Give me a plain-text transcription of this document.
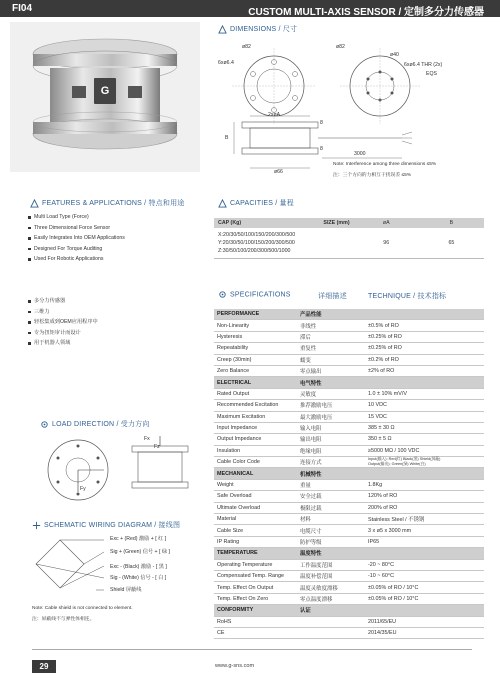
FI04	CUSTOM MULTI-AXIS SENSOR / 定制多分力传感器
G
DIMENSIONS / 尺寸
ø82
6xø6.4
ø82
ø40
6xø6.4 THR (2x)
EQS
2xøA
B
8
8
3000
ø66
Note: Interference among three dimensions ≤5%
注：三个方向的力相互干扰误差 ≤5%
FEATURES & APPLICATIONS / 特点和用途
Multi Load Type (Force)
Three Dimensional Force Sensor
Easily Integrates Into OEM Applications
Designed For Torque Auditing
Used For Robotic Applications
多分力传感器
三维力
轻松集成到OEM应用程序中
专为扭矩审计而设计
用于机器人领域
CAPACITIES / 量程
CAP (Kg) SIZE (mm)	øA	B

X:20/30/50/100/150/200/300/500
Y:20/30/50/100/150/200/300/500
Z:30/50/100/200/300/500/1000	96	65
SPECIFICATIONS	详细描述	TECHNIQUE / 技术指标
PERFORMANCE	产品性能	
Non-Linearity	非线性	±0.5% of RO
Hysteresis	滞后	±0.25% of RO
Repeatability	重复性	±0.25% of RO
Creep (30min)	蠕变	±0.2% of RO
Zero Balance	零点输出	±2% of RO
ELECTRICAL	电气特性	
Rated Output	灵敏度	1.0 ± 10% mV/V
Recommended Excitation	推荐激励电压	10 VDC
Maximum Excitation	最大激励电压	15 VDC
Input Impedance	输入电阻	385 ± 30 Ω
Output Impedance	输出电阻	350 ± 5 Ω
Insulation	绝缘电阻	≥5000 MΩ / 100 VDC
Cable Color Code	连接方式	Input(输入): Red(红) Black(黑) Shield(屏蔽)
Output(输出): Green(绿) White(白)

MECHANICAL	机械特性	
Weight	重量	1.8Kg
Safe Overload	安全过载	120% of RO
Ultimate Overload	极限过载	200% of RO
Material	材料	Stainless Steel / 不锈钢
Cable Size	电缆尺寸	3 x ø5 x 3000 mm
IP Rating	防护等级	IP65
TEMPERATURE	温度特性	
Operating Temperature	工作温度范围	-20 ~ 80°C
Compensated Temp. Range	温度补偿范围	-10 ~ 60°C
Temp. Effect On Output	温度灵敏度漂移	±0.05% of RO / 10°C
Temp. Effect On Zero	零点温度漂移	±0.05% of RO / 10°C
CONFORMITY	认证	
RoHS		2011/65/EU
CE		2014/35/EU
LOAD DIRECTION / 受力方向
Fx
Fz
Fy
SCHEMATIC WIRING DIAGRAM / 接线图
Exc + (Red) 激励 + [ 红 ]
Sig + (Green) 信号 + [ 绿 ]
Exc - (Black) 激励 - [ 黑 ]
Sig - (White) 信号 - [ 白 ]
Shield 屏蔽线
Note: Cable shield is not connected to element.
注：屏蔽线不与弹性体相连。
29	www.g-sns.com
